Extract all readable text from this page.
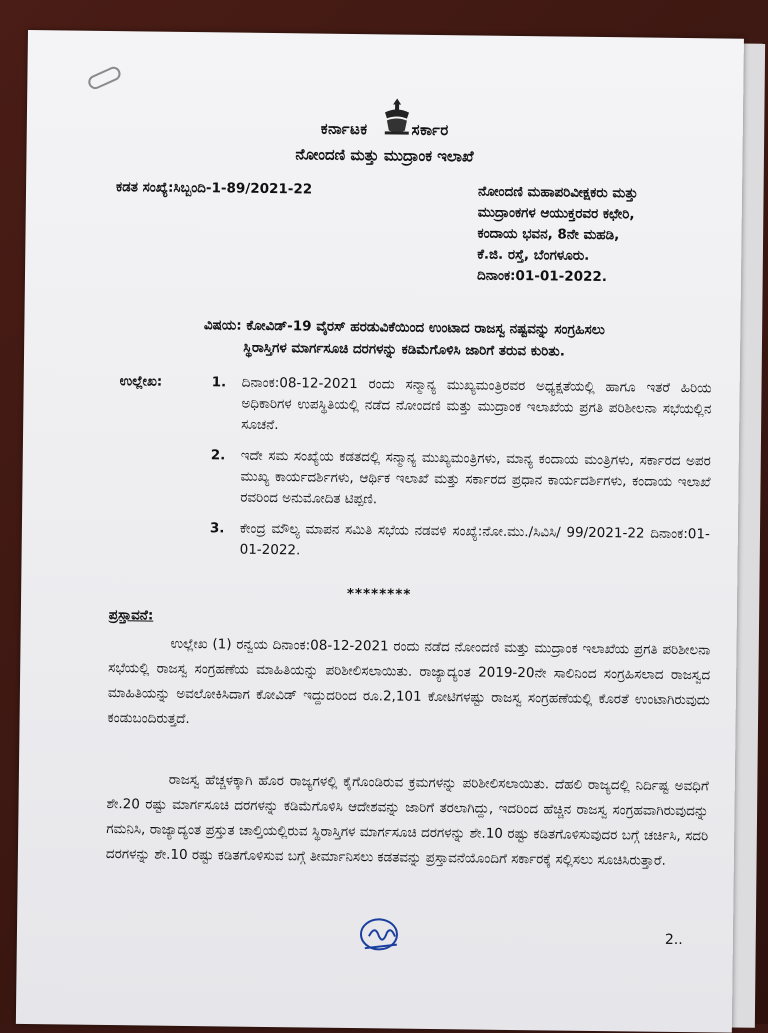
ಕರ್ನಾಟಕ	ಸರ್ಕಾರ
ನೋಂದಣಿ ಮತ್ತು ಮುದ್ರಾಂಕ ಇಲಾಖೆ
ಕಡತ ಸಂಖ್ಯೆ:ಸಿಬ್ಬಂದಿ-1-89/2021-22	ನೋಂದಣಿ ಮಹಾಪರಿವೀಕ್ಷಕರು ಮತ್ತು
ಮುದ್ರಾಂಕಗಳ ಆಯುಕ್ತರವರ ಕಛೇರಿ,
ಕಂದಾಯ ಭವನ, 8ನೇ ಮಹಡಿ,
ಕೆ.ಜಿ. ರಸ್ತೆ, ಬೆಂಗಳೂರು.
ದಿನಾಂಕ:01-01-2022.
ವಿಷಯ: ಕೋವಿಡ್-19 ವೈರಸ್ ಹರಡುವಿಕೆಯಿಂದ ಉಂಟಾದ ರಾಜಸ್ವ ನಷ್ಟವನ್ನು ಸಂಗ್ರಹಿಸಲು
ಸ್ಥಿರಾಸ್ತಿಗಳ ಮಾರ್ಗಸೂಚಿ ದರಗಳನ್ನು ಕಡಿಮೆಗೊಳಿಸಿ ಜಾರಿಗೆ ತರುವ ಕುರಿತು.
ಉಲ್ಲೇಖ:	1. ದಿನಾಂಕ:08-12-2021 ರಂದು ಸನ್ಮಾನ್ಯ ಮುಖ್ಯಮಂತ್ರಿರವರ ಅಧ್ಯಕ್ಷತೆಯಲ್ಲಿ ಹಾಗೂ ಇತರೆ ಹಿರಿಯ ಅಧಿಕಾರಿಗಳ ಉಪಸ್ಥಿತಿಯಲ್ಲಿ ನಡೆದ ನೋಂದಣಿ ಮತ್ತು ಮುದ್ರಾಂಕ ಇಲಾಖೆಯ ಪ್ರಗತಿ ಪರಿಶೀಲನಾ ಸಭೆಯಲ್ಲಿನ ಸೂಚನೆ.
2. ಇದೇ ಸಮ ಸಂಖ್ಯೆಯ ಕಡತದಲ್ಲಿ ಸನ್ಮಾನ್ಯ ಮುಖ್ಯಮಂತ್ರಿಗಳು, ಮಾನ್ಯ ಕಂದಾಯ ಮಂತ್ರಿಗಳು, ಸರ್ಕಾರದ ಅಪರ ಮುಖ್ಯ ಕಾರ್ಯದರ್ಶಿಗಳು, ಆರ್ಥಿಕ ಇಲಾಖೆ ಮತ್ತು ಸರ್ಕಾರದ ಪ್ರಧಾನ ಕಾರ್ಯದರ್ಶಿಗಳು, ಕಂದಾಯ ಇಲಾಖೆ ರವರಿಂದ ಅನುಮೋದಿತ ಟಿಪ್ಪಣಿ.
3. ಕೇಂದ್ರ ಮೌಲ್ಯ ಮಾಪನ ಸಮಿತಿ ಸಭೆಯ ನಡವಳಿ ಸಂಖ್ಯೆ:ನೋ.ಮು./ಸಿವಿಸಿ/ 99/2021-22 ದಿನಾಂಕ:01-01-2022.
********
ಪ್ರಸ್ತಾವನೆ:
ಉಲ್ಲೇಖ (1) ರನ್ವಯ ದಿನಾಂಕ:08-12-2021 ರಂದು ನಡೆದ ನೋಂದಣಿ ಮತ್ತು ಮುದ್ರಾಂಕ ಇಲಾಖೆಯ ಪ್ರಗತಿ ಪರಿಶೀಲನಾ ಸಭೆಯಲ್ಲಿ ರಾಜಸ್ವ ಸಂಗ್ರಹಣೆಯ ಮಾಹಿತಿಯನ್ನು ಪರಿಶೀಲಿಸಲಾಯಿತು. ರಾಜ್ಯಾದ್ಯಂತ 2019-20ನೇ ಸಾಲಿನಿಂದ ಸಂಗ್ರಹಿಸಲಾದ ರಾಜಸ್ವದ ಮಾಹಿತಿಯನ್ನು ಅವಲೋಕಿಸಿದಾಗ ಕೋವಿಡ್ ಇದ್ದುದರಿಂದ ರೂ.2,101 ಕೋಟಿಗಳಷ್ಟು ರಾಜಸ್ವ ಸಂಗ್ರಹಣೆಯಲ್ಲಿ ಕೊರತೆ ಉಂಟಾಗಿರುವುದು ಕಂಡುಬಂದಿರುತ್ತದೆ.
ರಾಜಸ್ವ ಹೆಚ್ಚಳಕ್ಕಾಗಿ ಹೊರ ರಾಜ್ಯಗಳಲ್ಲಿ ಕೈಗೊಂಡಿರುವ ಕ್ರಮಗಳನ್ನು ಪರಿಶೀಲಿಸಲಾಯಿತು. ದೆಹಲಿ ರಾಜ್ಯದಲ್ಲಿ ನಿರ್ದಿಷ್ಟ ಅವಧಿಗೆ ಶೇ.20 ರಷ್ಟು ಮಾರ್ಗಸೂಚಿ ದರಗಳನ್ನು ಕಡಿಮೆಗೊಳಿಸಿ ಆದೇಶವನ್ನು ಜಾರಿಗೆ ತರಲಾಗಿದ್ದು, ಇದರಿಂದ ಹೆಚ್ಚಿನ ರಾಜಸ್ವ ಸಂಗ್ರಹವಾಗಿರುವುದನ್ನು ಗಮನಿಸಿ, ರಾಜ್ಯಾದ್ಯಂತ ಪ್ರಸ್ತುತ ಚಾಲ್ತಿಯಲ್ಲಿರುವ ಸ್ಥಿರಾಸ್ತಿಗಳ ಮಾರ್ಗಸೂಚಿ ದರಗಳನ್ನು ಶೇ.10 ರಷ್ಟು ಕಡಿತಗೊಳಿಸುವುದರ ಬಗ್ಗೆ ಚರ್ಚಿಸಿ, ಸದರಿ ದರಗಳನ್ನು ಶೇ.10 ರಷ್ಟು ಕಡಿತಗೊಳಿಸುವ ಬಗ್ಗೆ ತೀರ್ಮಾನಿಸಲು ಕಡತವನ್ನು ಪ್ರಸ್ತಾವನೆಯೊಂದಿಗೆ ಸರ್ಕಾರಕ್ಕೆ ಸಲ್ಲಿಸಲು ಸೂಚಿಸಿರುತ್ತಾರೆ.
2..
